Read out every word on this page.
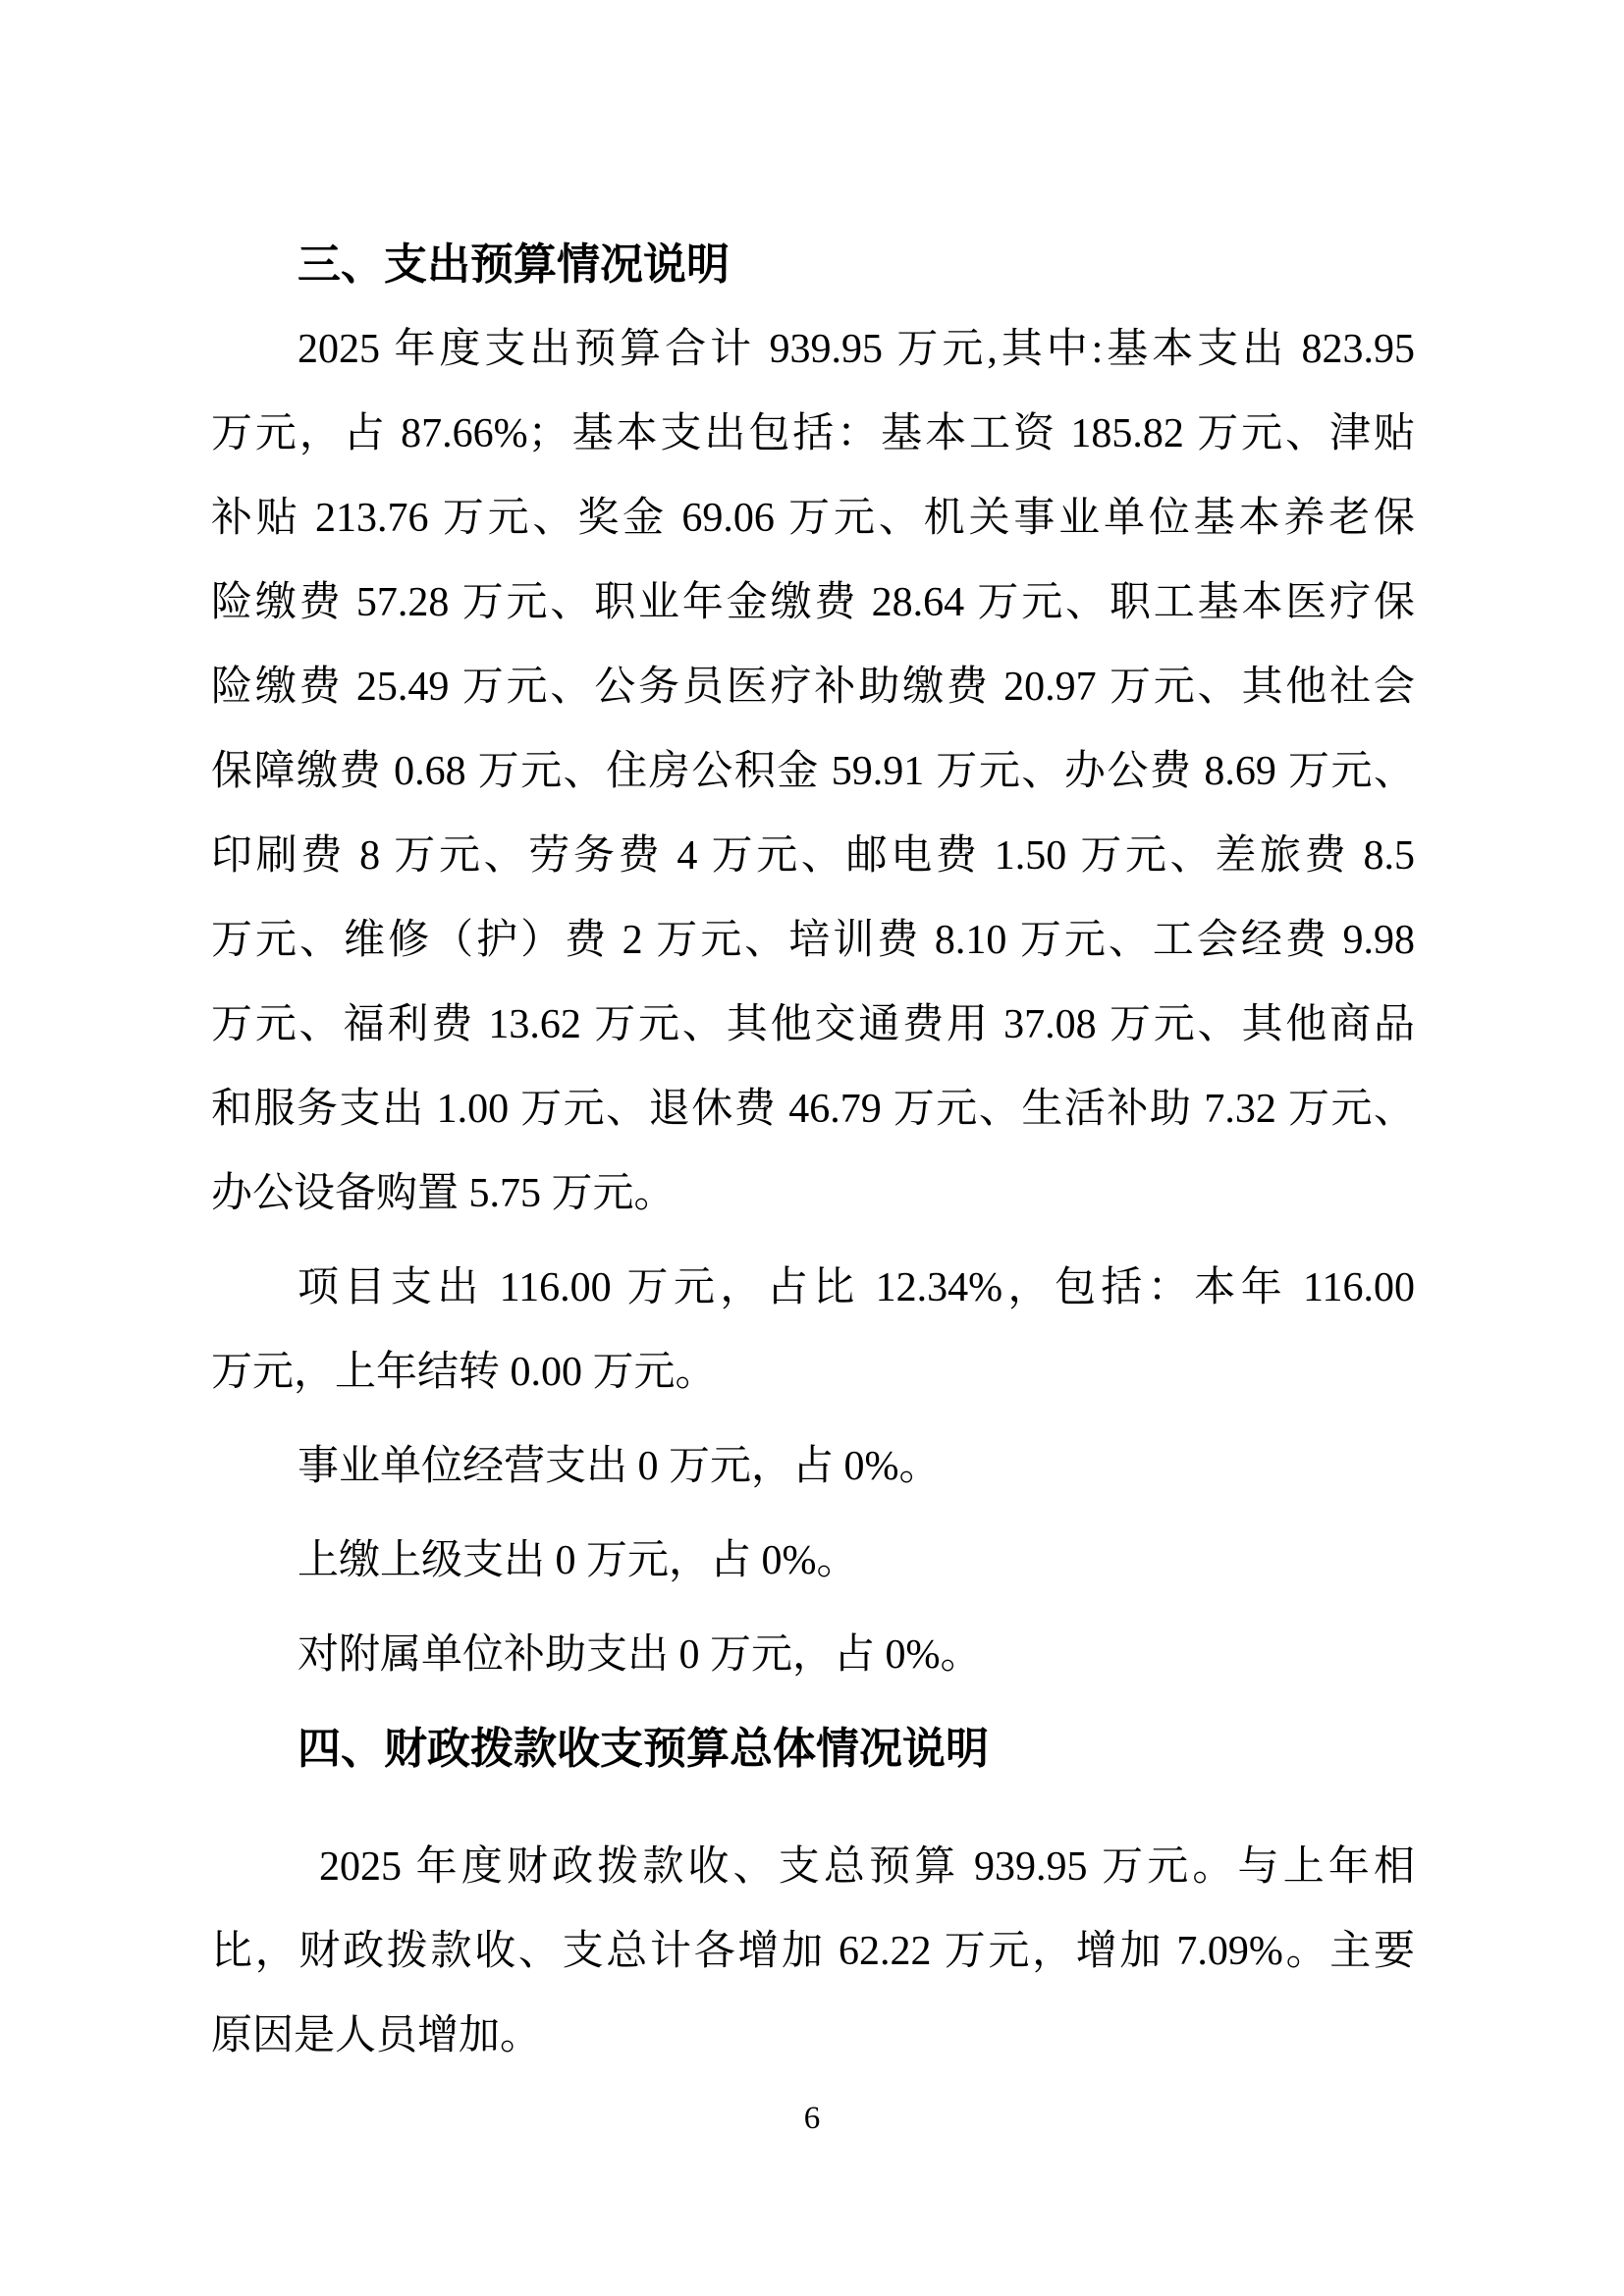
三、支出预算情况说明
2025 年度支出预算合计 939.95 万元,其中:基本支出 823.95
万元，占 87.66%；基本支出包括：基本工资 185.82 万元、津贴
补贴 213.76 万元、奖金 69.06 万元、机关事业单位基本养老保
险缴费 57.28 万元、职业年金缴费 28.64 万元、职工基本医疗保
险缴费 25.49 万元、公务员医疗补助缴费 20.97 万元、其他社会
保障缴费 0.68 万元、住房公积金 59.91 万元、办公费 8.69 万元、
印刷费 8 万元、劳务费 4 万元、邮电费 1.50 万元、差旅费 8.5
万元、维修（护）费 2 万元、培训费 8.10 万元、工会经费 9.98
万元、福利费 13.62 万元、其他交通费用 37.08 万元、其他商品
和服务支出 1.00 万元、退休费 46.79 万元、生活补助 7.32 万元、
办公设备购置 5.75 万元。
项目支出 116.00 万元，占比 12.34%，包括：本年 116.00
万元，上年结转 0.00 万元。
事业单位经营支出 0 万元，占 0%。
上缴上级支出 0 万元，占 0%。
对附属单位补助支出 0 万元，占 0%。
四、财政拨款收支预算总体情况说明
2025 年度财政拨款收、支总预算 939.95 万元。与上年相
比，财政拨款收、支总计各增加 62.22 万元，增加 7.09%。主要
原因是人员增加。
6
